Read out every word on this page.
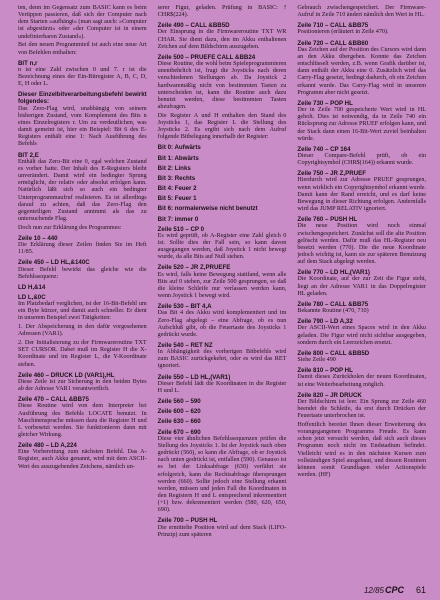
ten, denn im Gegensatz zum BASIC kann es beim Vertippen passieren, daß sich der Computer nach dem Starten »aufhängt« (man sagt auch: »Computer ist abgestürzt« oder »der Computer ist in einem undefinierbaren Zustand«).

Bei den neuen Programmteil ist auch eine neue Art von Befehlen enthalten:

BIT n,r

n ist eine Zahl zwischen 0 und 7. r ist die Bezeichnung eines der Ein-Bitregister A, B, C, D, E, H oder L.

Dieser Einzelbitverarbeitungsbefehl bewirkt folgendes:

Das Zero-Flag wird, unabhängig von seinem bisherigen Zustand, vom Komplement des Bits n eines Einzelregisters r. Um zu verdeutlichen, was damit gemeint ist, hier ein Beispiel: Bit 6 des E-Registers enthält eine 1: Nach Ausführung des Befehls

BIT 2,E

Enthält das Zero-Bit eine 0, egal welchen Zustand es vorher hatte. Der Inhalt des E-Registers bleibt unverändert. Damit wird ein bedingter Sprung ermöglicht, der relativ oder absolut erfolgen kann. Natürlich läßt sich so auch ein bedingter Unterprogrammaufruf realisieren. Es ist allerdings darauf zu achten, daß das Zero-Flag den gegenteiligen Zustand annimmt als das zu untersuchende Flag.

Doch nun zur Erklärung des Programmes:

Zeile 10 – 440

Die Erklärung dieser Zeilen finden Sie im Heft 11/85.

Zeile 450 – LD HL,&140C

Dieser Befehl bewirkt das gleiche wie die Befehlssequenz:

LD H,&14

LD L,&0C

Im Platzbedarf verglichen, ist der 16-Bit-Befehl um ein Byte kürzer, und damit auch schneller. Er dient in unserem Beispiel zwei Tätigkeiten:

1. Der Abspeicherung in den dafür vorgesehenen Adressen (VAR1).

2. Der Initialisierung zu der Firmwareroutine TXT SET CURSOR. Dabei muß im Register H die X-Koordinate und im Register L, die Y-Koordinate stehen.

Zeile 460 – DRUCK LD (VAR1),HL

Diese Zeile ist zur Sicherung in den beiden Bytes ab der Adresse VAR1 verantwortlich.

Zeile 470 – CALL &BB75

Diese Routine wird von dem Interpreter bei Ausführung des Befehls LOCATE benutzt. In Maschinensprache müssen dazu die Register H und L vorbesetzt werden. Sie funktionieren dann mit gleicher Wirkung.

Zeile 480 – LD A,224

Eine Vorbereitung zum nächsten Befehl. Das A-Register, auch Akku genannt, wird mit dem ASCII-Wert des auszugebenden Zeichens, nämlich un-

serer Figur, geladen. Prüfung in BASIC: ? CHR$(224).

Zeile 490 – CALL &BB5D

Der Einsprung in die Firmwareroutine TXT WR CHAR. Sie dient dazu, den im Akku enthaltenen Zeichen auf dem Bildschirm auszugeben.

Zeile 500 – PRUEFE CALL &BB24

Diese Routine, die wohl beim Spieleprogrammieren unentbehrlich ist, fragt die Joysticks nach deren verschiedenen Stellungen ab. Da Joystick 2 hardwaremäßig nicht von bestimmten Tasten zu unterscheiden ist, kann die Routine auch dazu benutzt werden, diese bestimmten Tasten abzufragen.

Die Register A und H enthalten den Stand des Joysticks 1, das Register L die Stellung des Joysticks 2. Es ergibt sich nach dem Aufruf folgende Bitbelegung innerhalb der Register:

Bit 0: Aufwärts

Bit 1: Abwärts

Bit 2: Links

Bit 3: Rechts

Bit 4: Feuer 2

Bit 5: Feuer 1

Bit 6: normalerweise nicht benutzt

Bit 7: immer 0

Zeile 510 – CP 0

Es wird geprüft, ob A-Register eine Zahl gleich 0 ist. Sollte dies der Fall sein, so kann davon ausgegangen werden, daß Joystick 1 nicht bewegt wurde, da alle Bits auf Null stehen.

Zeile 520 – JR Z,PRUEFE

Es wird, falls keine Bewegung stattfand, wenn alle Bits auf 0 stehen, zur Zeile 500 gesprungen, so daß die kleine Schleife nur verlassen werden kann, wenn Joystick 1 bewegt wird.

Zeile 530 – BIT 4,A

Das Bit 4 des Akku wird komplementiert und im Zero-Flag abgelegt – eine Abfrage, ob es nun Aufschluß gibt, ob die Feuertaste des Joysticks 1 gedrückt wurde.

Zeile 540 – RET NZ

In Abhängigkeit des vorherigen Bitbefehls wird zum BASIC zurückgekehrt, oder es wird das RET ignoriert.

Zeile 550 – LD HL,(VAR1)

Dieser Befehl lädt die Koordinaten in die Register H und L.

Zeile 560 – 590

Zeile 600 – 620

Zeile 630 – 660

Zeile 670 – 690

Diese vier ähnlichen Befehlssequenzen prüfen die Stellung des Joysticks 1. Ist der Joystick nach oben gedrückt (560), so kann die Abfrage, ob er Joystick nach unten gedrückt ist, entfallen (590). Genauso ist es bei der Linksabfrage (630) verfährt sie erfolgreich, kann die Rechtsabfrage übersprungen werden (660). Sollte jedoch eine Stellung erkannt werden, müssen und jeden Fall die Koordinaten in den Registern H und L entsprechend inkrementiert (+1) bzw. dekrementiert werden (580, 620, 650, 690).

Zeile 700 – PUSH HL

Die ermittelte Position wird auf dem Stack (LIFO-Prinzip) zum späteren

Gebrauch zwischengespeichert. Der Firmware-Aufruf in Zeile 710 ändert nämlich den Wert in HL.

Zeile 710 – CALL &BB75

Positionieren (erläutert in Zeile 470).

Zeile 720 – CALL &BB60

Das Zeichen auf der Position des Cursors wird dann an den Akku übergeben. Konnte das Zeichen entschlüsselt werden, z.B. wenn Grafik darüber ist, dann enthält der Akku eine 0. Zusätzlich wird das Carry-Flag gesetzt, bedingt dadurch, ob ein Zeichen erkannt wurde. Das Carry-Flag wird in unserem Programm aber nicht gesetzt.

Zeile 730 – POP HL

Der in Zeile 700 gespeicherte Wert wird in HL geholt. Dies ist notwendig, da in Zeile 740 ein Rücksprung zur Adresse PRUEF erfolgen kann, und der Stack dann einen 16-Bit-Wert zuviel beinhalten würde.

Zeile 740 – CP 164

Dieser Compare-Befehl prüft, ob ein Copyrightsymbol (CHR$(164)) erkannt wurde.

Zeile 750 – JR Z,PRUEF

Hierdurch wird zur Adresse PRUEF gesprungen, wenn wirklich ein Copyrightsymbol erkannt wurde. Damit kann der Rand erreicht, und es darf keine Bewegung in dieser Richtung erfolgen. Andernfalls wird das JUMP RELATIV ignoriert.

Zeile 760 – PUSH HL

Die neue Position wird noch einmal zwischengespeichert. Zunächst soll die alte Position gelöscht werden. Dafür muß das HL-Register neu besetzt werden (770). Die die neue Koordinate jedoch wichtig ist, kann sie zur späteren Benutzung auf dem Stack abgelegt werden.

Zeile 770 – LD HL,(VAR1)

Die Koordinate, auf der zur Zeit die Figur steht, liegt an der Adresse VAR1 in das Doppelregister HL geladen.

Zeile 780 – CALL &BB75

Bekannte Routine (470, 710)

Zeile 790 – LD A,32

Der ASCII-Wert eines Spaces wird in den Akku geladen. Die Figur wird nicht sichtbar ausgegeben, sondern durch ein Leerzeichen ersetzt.

Zeile 800 – CALL &BB5D

Siehe Zeile 490

Zeile 810 – POP HL

Damit dieses Zurückholen der neuen Koordinaten, ist eine Weiterbearbeitung möglich.

Zeile 820 – JR DRUCK

Der Bildschirm ist leer. Ein Sprung zur Zeile 460 beendet die Schleife, da erst durch Drücken der Feuertaste unterbrochen ist.

Hoffentlich bereitet Ihnen dieser Erweiterung des vorangegangenen Programms Freude. Es kann schon jetzt versucht werden, daß sich auch dieses Programm noch nicht im Endstadium befindet. Vielleicht wird es in den nächsten Kursen zum vollständigen Spiel ausgebaut, und dessen Routinen können somit Grundlagen vieler Actionspiele werden. (HF)

12/85 CPC 61
